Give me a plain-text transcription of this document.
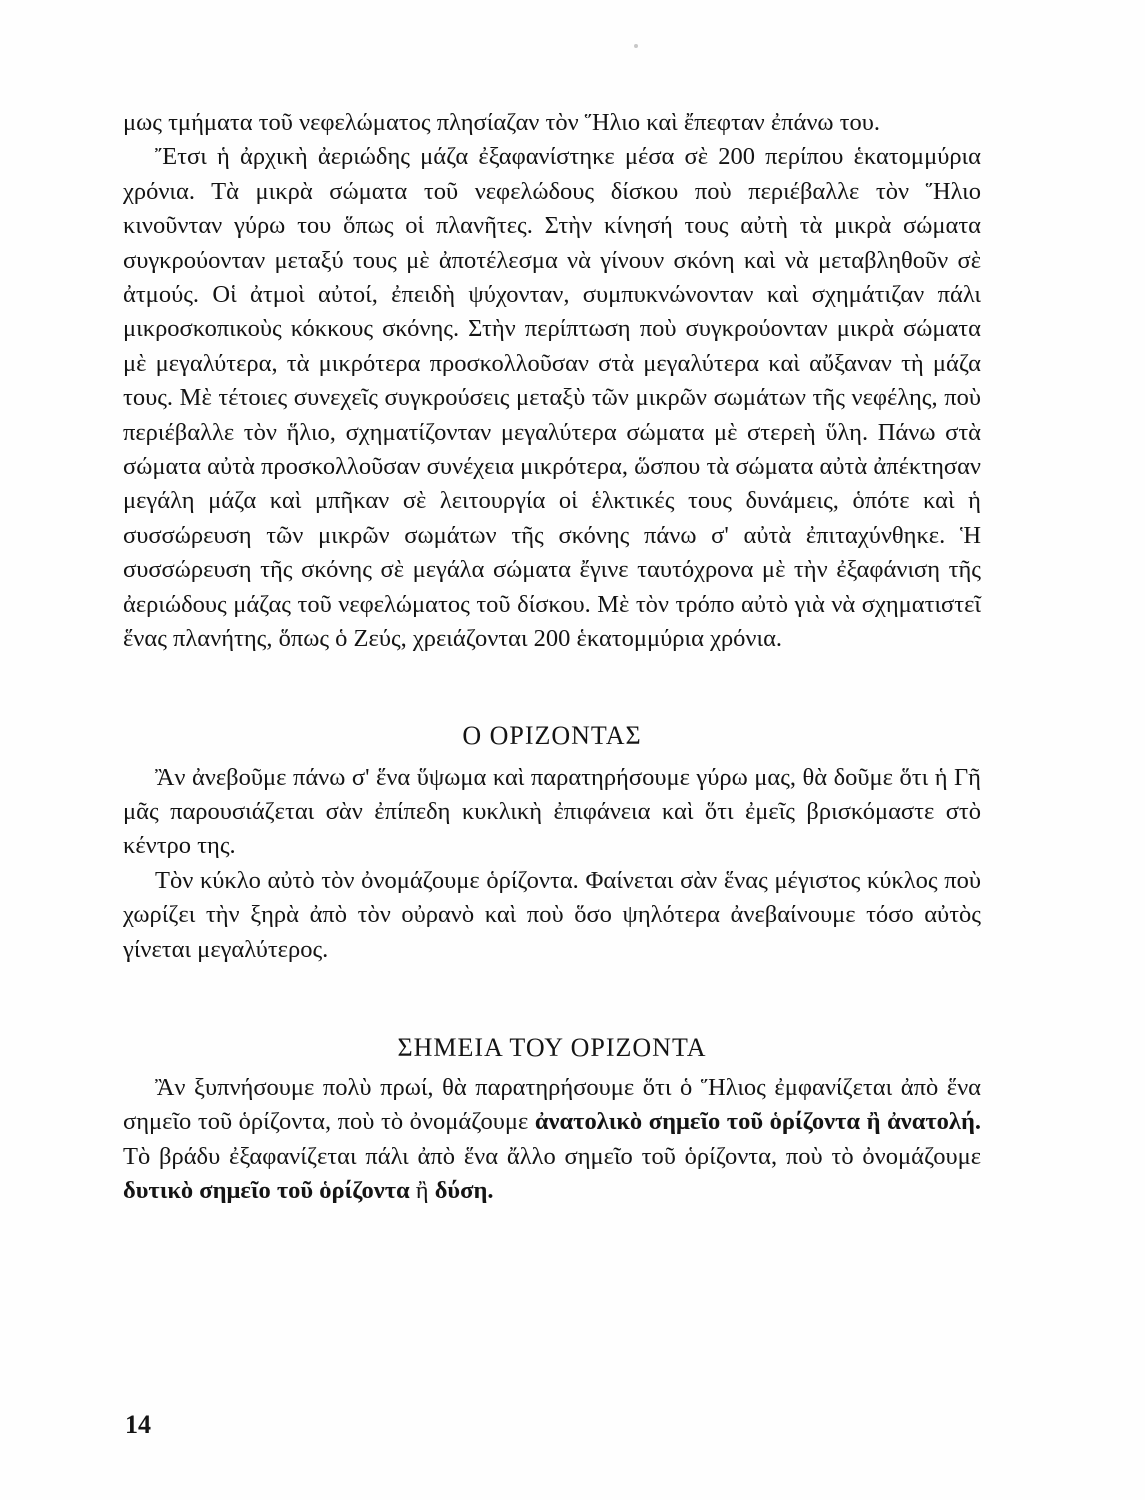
μως τμήματα τοῦ νεφελώματος πλησίαζαν τὸν Ἥλιο καὶ ἔπεφταν ἐπάνω του.

Ἔτσι ἡ ἀρχικὴ ἀεριώδης μάζα ἐξαφανίστηκε μέσα σὲ 200 περίπου ἑκατομμύρια χρόνια. Τὰ μικρὰ σώματα τοῦ νεφελώδους δίσκου ποὺ περιέβαλλε τὸν Ἥλιο κινοῦνταν γύρω του ὅπως οἱ πλανῆτες. Στὴν κίνησή τους αὐτὴ τὰ μικρὰ σώματα συγκρούονταν μεταξύ τους μὲ ἀποτέλεσμα νὰ γίνουν σκόνη καὶ νὰ μεταβληθοῦν σὲ ἀτμούς. Οἱ ἀτμοὶ αὐτοί, ἐπειδὴ ψύχονταν, συμπυκνώνονταν καὶ σχημάτιζαν πάλι μικροσκοπικοὺς κόκκους σκόνης. Στὴν περίπτωση ποὺ συγκρούονταν μικρὰ σώματα μὲ μεγαλύτερα, τὰ μικρότερα προσκολλοῦσαν στὰ μεγαλύτερα καὶ αὔξαναν τὴ μάζα τους. Μὲ τέτοιες συνεχεῖς συγκρούσεις μεταξὺ τῶν μικρῶν σωμάτων τῆς νεφέλης, ποὺ περιέβαλλε τὸν ἥλιο, σχηματίζονταν μεγαλύτερα σώματα μὲ στερεὴ ὕλη. Πάνω στὰ σώματα αὐτὰ προσκολλοῦσαν συνέχεια μικρότερα, ὥσπου τὰ σώματα αὐτὰ ἀπέκτησαν μεγάλη μάζα καὶ μπῆκαν σὲ λειτουργία οἱ ἑλκτικές τους δυνάμεις, ὁπότε καὶ ἡ συσσώρευση τῶν μικρῶν σωμάτων τῆς σκόνης πάνω σ' αὐτὰ ἐπιταχύνθηκε. Ἡ συσσώρευση τῆς σκόνης σὲ μεγάλα σώματα ἔγινε ταυτόχρονα μὲ τὴν ἐξαφάνιση τῆς ἀεριώδους μάζας τοῦ νεφελώματος τοῦ δίσκου. Μὲ τὸν τρόπο αὐτὸ γιὰ νὰ σχηματιστεῖ ἕνας πλανήτης, ὅπως ὁ Ζεύς, χρειάζονται 200 ἑκατομμύρια χρόνια.

Ο ΟΡΙΖΟΝΤΑΣ

Ἂν ἀνεβοῦμε πάνω σ' ἕνα ὕψωμα καὶ παρατηρήσουμε γύρω μας, θὰ δοῦμε ὅτι ἡ Γῆ μᾶς παρουσιάζεται σὰν ἐπίπεδη κυκλικὴ ἐπιφάνεια καὶ ὅτι ἐμεῖς βρισκόμαστε στὸ κέντρο της.

Τὸν κύκλο αὐτὸ τὸν ὀνομάζουμε ὁρίζοντα. Φαίνεται σὰν ἕνας μέγιστος κύκλος ποὺ χωρίζει τὴν ξηρὰ ἀπὸ τὸν οὐρανὸ καὶ ποὺ ὅσο ψηλότερα ἀνεβαίνουμε τόσο αὐτὸς γίνεται μεγαλύτερος.

ΣΗΜΕΙΑ ΤΟΥ ΟΡΙΖΟΝΤΑ

Ἂν ξυπνήσουμε πολὺ πρωί, θὰ παρατηρήσουμε ὅτι ὁ Ἥλιος ἐμφανίζεται ἀπὸ ἕνα σημεῖο τοῦ ὁρίζοντα, ποὺ τὸ ὀνομάζουμε ἀνατολικὸ σημεῖο τοῦ ὁρίζοντα ἢ ἀνατολή. Τὸ βράδυ ἐξαφανίζεται πάλι ἀπὸ ἕνα ἄλλο σημεῖο τοῦ ὁρίζοντα, ποὺ τὸ ὀνομάζουμε δυτικὸ σημεῖο τοῦ ὁρίζοντα ἢ δύση.

14
